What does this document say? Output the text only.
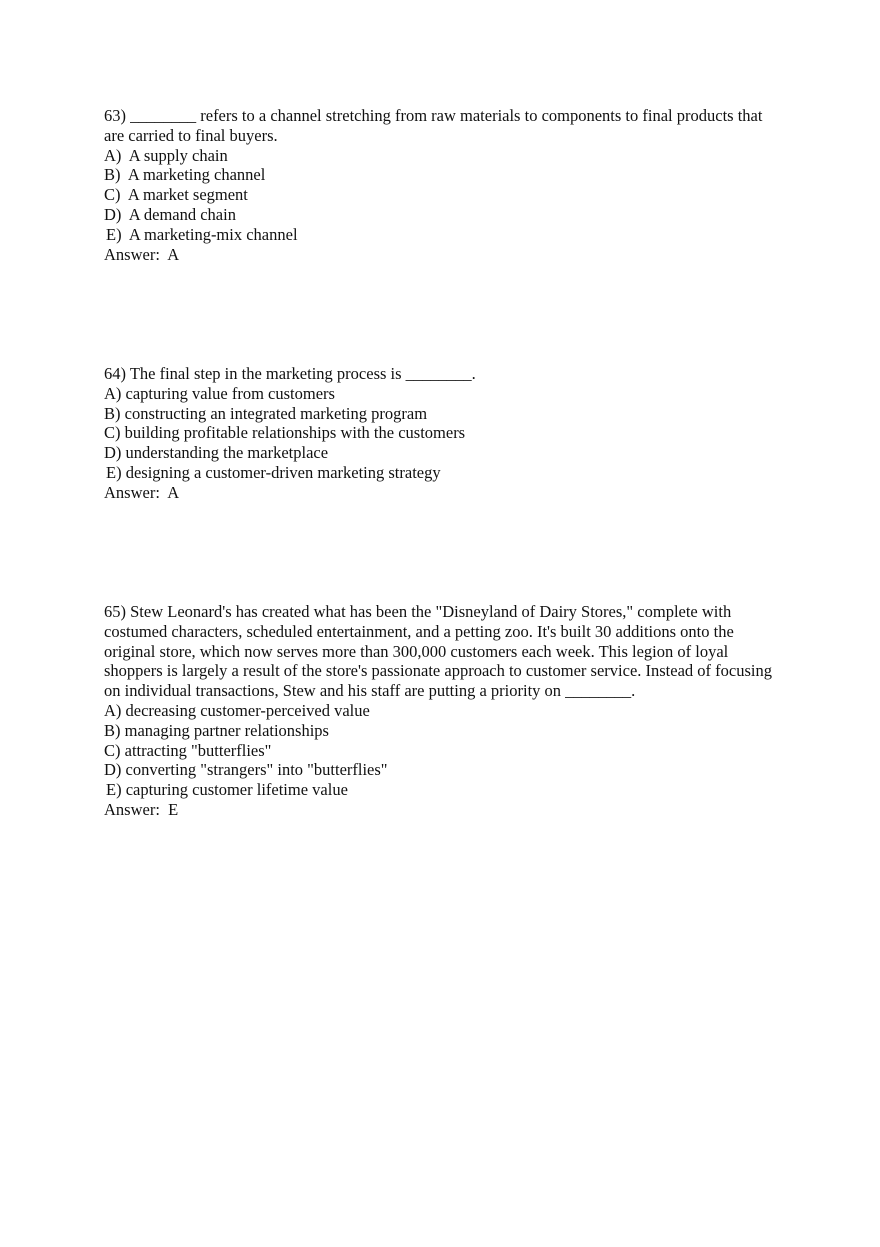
63) ________ refers to a channel stretching from raw materials to components to final products that are carried to final buyers.

A)  A supply chain
B)  A marketing channel
C)  A market segment
D)  A demand chain
E)  A marketing-mix channel
Answer:  A

64) The final step in the marketing process is ________.

A) capturing value from customers
B) constructing an integrated marketing program
C) building profitable relationships with the customers
D) understanding the marketplace
E) designing a customer-driven marketing strategy
Answer:  A

65) Stew Leonard's has created what has been the "Disneyland of Dairy Stores," complete with costumed characters, scheduled entertainment, and a petting zoo. It's built 30 additions onto the original store, which now serves more than 300,000 customers each week. This legion of loyal shoppers is largely a result of the store's passionate approach to customer service. Instead of focusing on individual transactions, Stew and his staff are putting a priority on ________.

A) decreasing customer-perceived value
B) managing partner relationships
C) attracting "butterflies"
D) converting "strangers" into "butterflies"
E) capturing customer lifetime value
Answer:  E
